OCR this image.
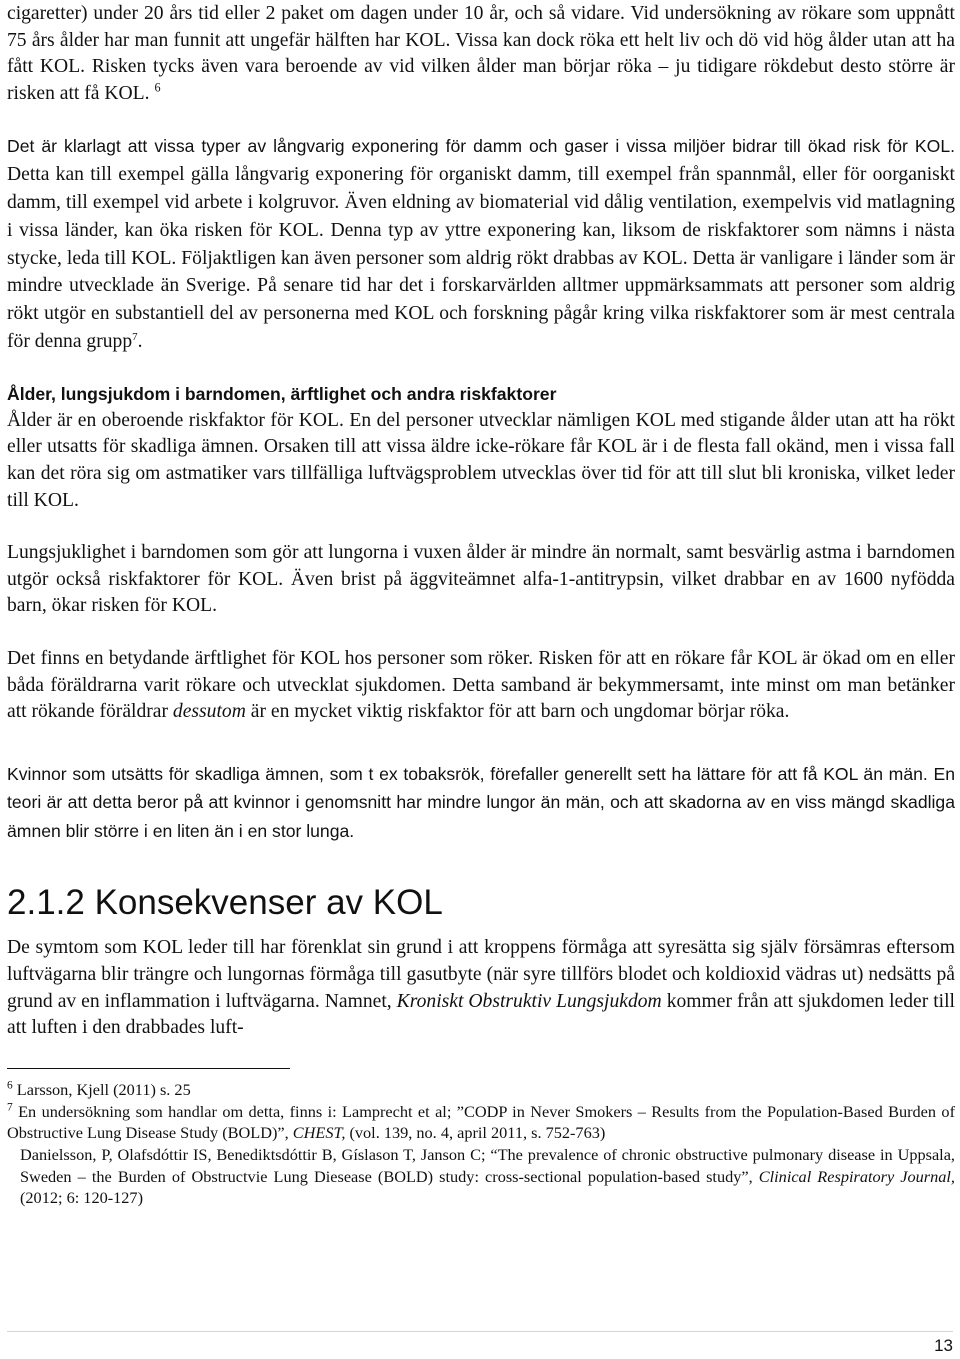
cigaretter) under 20 års tid eller 2 paket om dagen under 10 år, och så vidare. Vid undersökning av rökare som uppnått 75 års ålder har man funnit att ungefär hälften har KOL. Vissa kan dock röka ett helt liv och dö vid hög ålder utan att ha fått KOL. Risken tycks även vara beroende av vid vilken ålder man börjar röka – ju tidigare rökdebut desto större är risken att få KOL. $^6$

Det är klarlagt att vissa typer av långvarig exponering för damm och gaser i vissa miljöer bidrar till ökad risk för KOL. Detta kan till exempel gälla långvarig exponering för organiskt damm, till exempel från spannmål, eller för oorganiskt damm, till exempel vid arbete i kolgruvor. Även eldning av biomaterial vid dålig ventilation, exempelvis vid matlagning i vissa länder, kan öka risken för KOL. Denna typ av yttre exponering kan, liksom de riskfaktorer som nämns i nästa stycke, leda till KOL. Följaktligen kan även personer som aldrig rökt drabbas av KOL. Detta är vanligare i länder som är mindre utvecklade än Sverige. På senare tid har det i forskarvärlden alltmer uppmärksammats att personer som aldrig rökt utgör en substantiell del av personerna med KOL och forskning pågår kring vilka riskfaktorer som är mest centrala för denna grupp$^7$.

Ålder, lungsjukdom i barndomen, ärftlighet och andra riskfaktorer

Ålder är en oberoende riskfaktor för KOL. En del personer utvecklar nämligen KOL med stigande ålder utan att ha rökt eller utsatts för skadliga ämnen. Orsaken till att vissa äldre icke-rökare får KOL är i de flesta fall okänd, men i vissa fall kan det röra sig om astmatiker vars tillfälliga luftvägsproblem utvecklas över tid för att till slut bli kroniska, vilket leder till KOL.

Lungsjuklighet i barndomen som gör att lungorna i vuxen ålder är mindre än normalt, samt besvärlig astma i barndomen utgör också riskfaktorer för KOL. Även brist på äggviteämnet alfa-1-antitrypsin, vilket drabbar en av 1600 nyfödda barn, ökar risken för KOL.

Det finns en betydande ärftlighet för KOL hos personer som röker. Risken för att en rökare får KOL är ökad om en eller båda föräldrarna varit rökare och utvecklat sjukdomen. Detta samband är bekymmersamt, inte minst om man betänker att rökande föräldrar dessutom är en mycket viktig riskfaktor för att barn och ungdomar börjar röka.

Kvinnor som utsätts för skadliga ämnen, som t ex tobaksrök, förefaller generellt sett ha lättare för att få KOL än män. En teori är att detta beror på att kvinnor i genomsnitt har mindre lungor än män, och att skadorna av en viss mängd skadliga ämnen blir större i en liten än i en stor lunga.

2.1.2 Konsekvenser av KOL

De symtom som KOL leder till har förenklat sin grund i att kroppens förmåga att syresätta sig själv försämras eftersom luftvägarna blir trängre och lungornas förmåga till gasutbyte (när syre tillförs blodet och koldioxid vädras ut) nedsätts på grund av en inflammation i luftvägarna. Namnet, Kroniskt Obstruktiv Lungsjukdom kommer från att sjukdomen leder till att luften i den drabbades luft-

$^6$ Larsson, Kjell (2011) s. 25

$^7$ En undersökning som handlar om detta, finns i: Lamprecht et al; ”CODP in Never Smokers – Results from the Population-Based Burden of Obstructive Lung Disease Study (BOLD)”, CHEST, (vol. 139, no. 4, april 2011, s. 752-763)

Danielsson, P, Olafsdóttir IS, Benediktsdóttir B, Gíslason T, Janson C; “The prevalence of chronic obstructive pulmonary disease in Uppsala, Sweden – the Burden of Obstructvie Lung Diesease (BOLD) study: cross-sectional population-based study”, Clinical Respiratory Journal, (2012; 6: 120-127)

13
